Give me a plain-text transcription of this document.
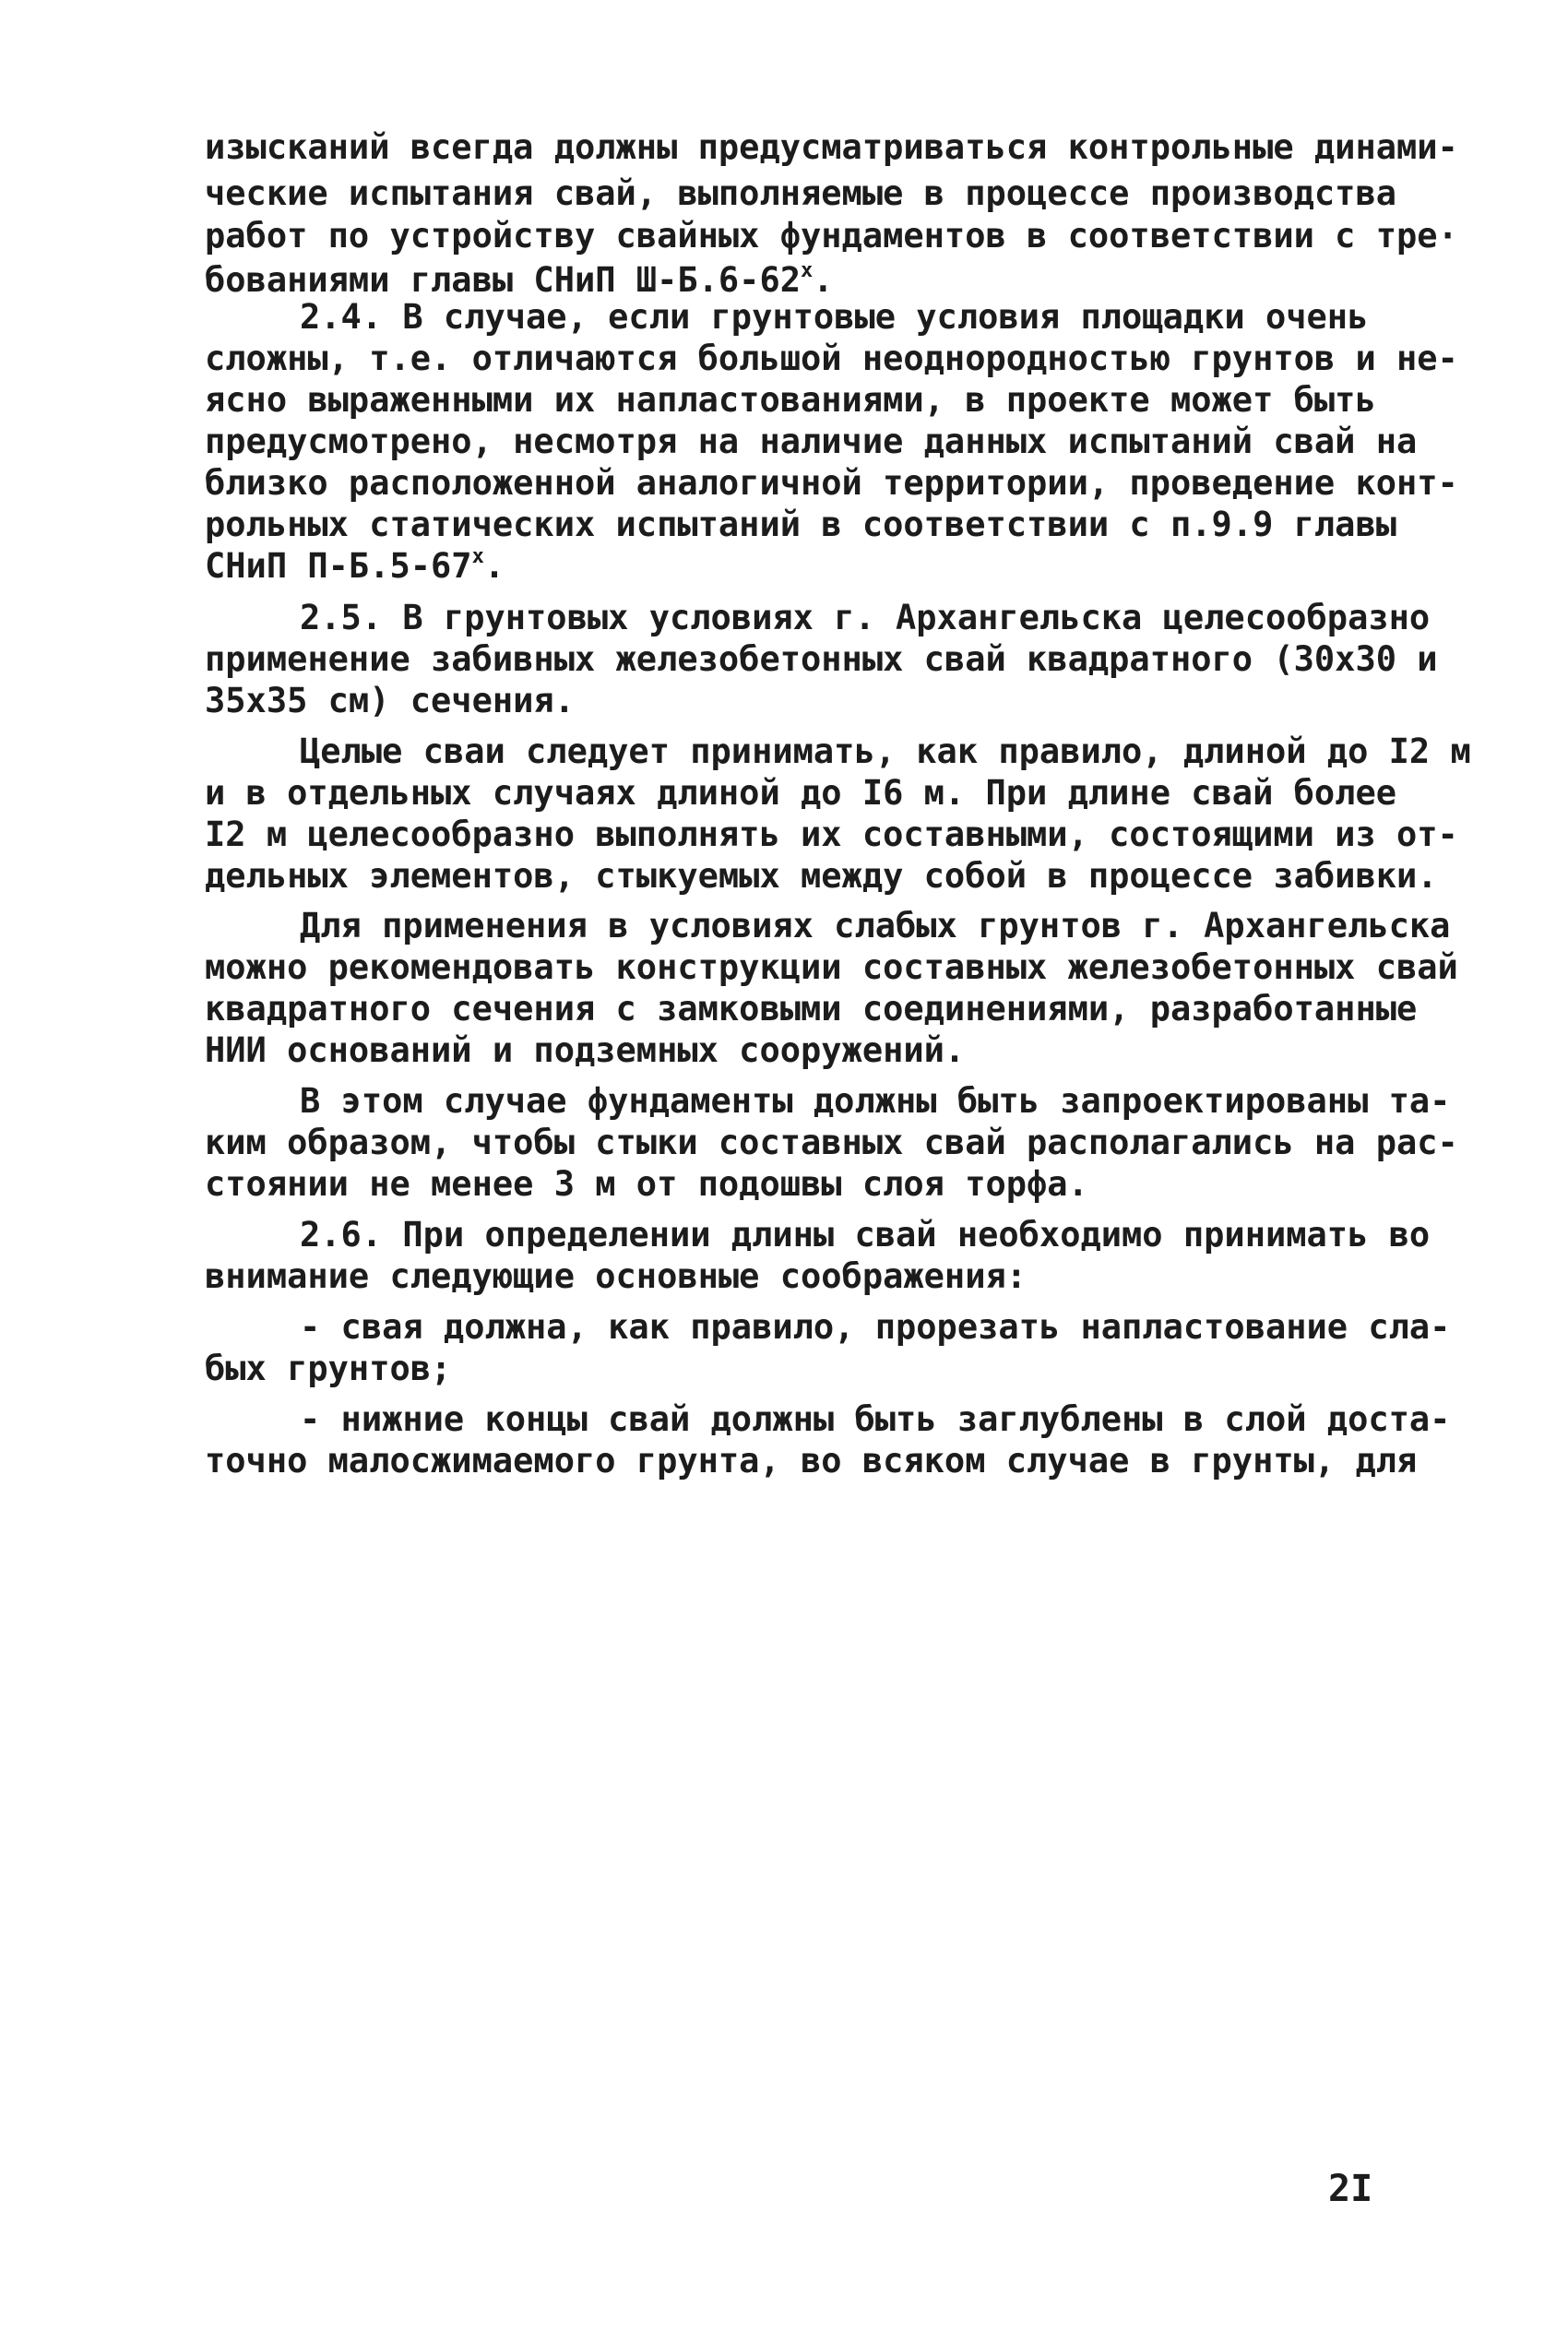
изысканий всегда должны предусматриваться контрольные динами-
ческие испытания свай, выполняемые в процессе производства
работ по устройству свайных фундаментов в соответствии с тре·
бованиями главы СНиП Ш-Б.6-62$^x$.
2.4. В случае, если грунтовые условия площадки очень
сложны, т.е. отличаются большой неоднородностью грунтов и не-
ясно выраженными их напластованиями, в проекте может быть
предусмотрено, несмотря на наличие данных испытаний свай на
близко расположенной аналогичной территории, проведение конт-
рольных статических испытаний в соответствии с п.9.9 главы
СНиП П-Б.5-67$^x$.
2.5. В грунтовых условиях г. Архангельска целесообразно
применение забивных железобетонных свай квадратного (30х30 и
35х35 см) сечения.
Целые сваи следует принимать, как правило, длиной до I2 м
и в отдельных случаях длиной до I6 м. При длине свай более
I2 м целесообразно выполнять их составными, состоящими из от-
дельных элементов, стыкуемых между собой в процессе забивки.
Для применения в условиях слабых грунтов г. Архангельска
можно рекомендовать конструкции составных железобетонных свай
квадратного сечения с замковыми соединениями, разработанные
НИИ оснований и подземных сооружений.
В этом случае фундаменты должны быть запроектированы та-
ким образом, чтобы стыки составных свай располагались на рас-
стоянии не менее 3 м от подошвы слоя торфа.
2.6. При определении длины свай необходимо принимать во
внимание следующие основные соображения:
- свая должна, как правило, прорезать напластование сла-
бых грунтов;
- нижние концы свай должны быть заглублены в слой доста-
точно малосжимаемого грунта, во всяком случае в грунты, для
2I
